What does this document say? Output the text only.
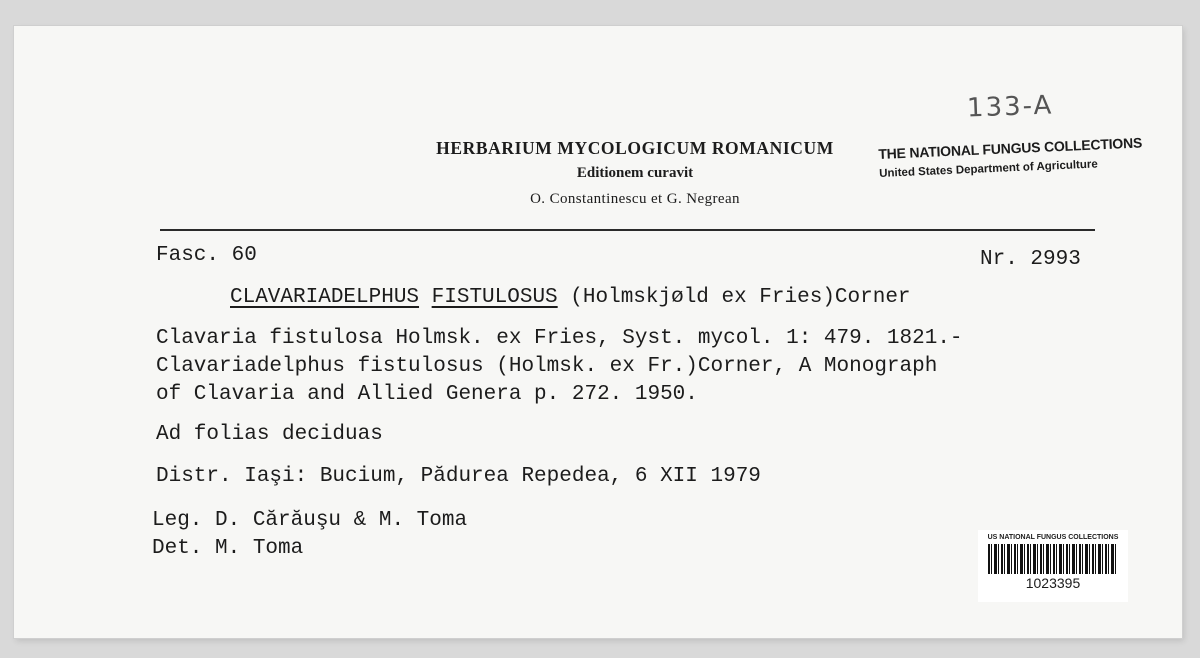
133-A
HERBARIUM MYCOLOGICUM ROMANICUM
Editionem curavit
O. Constantinescu et G. Negrean
THE NATIONAL FUNGUS COLLECTIONS
United States Department of Agriculture
Fasc. 60	Nr. 2993
CLAVARIADELPHUS FISTULOSUS (Holmskjøld ex Fries)Corner
Clavaria fistulosa Holmsk. ex Fries, Syst. mycol. 1: 479. 1821.-
Clavariadelphus fistulosus (Holmsk. ex Fr.)Corner, A Monograph
of Clavaria and Allied Genera p. 272. 1950.
Ad folias deciduas
Distr. Iaşi: Bucium, Pădurea Repedea, 6 XII 1979
Leg. D. Cărăuşu & M. Toma
Det. M. Toma	US NATIONAL FUNGUS COLLECTIONS
1023395
